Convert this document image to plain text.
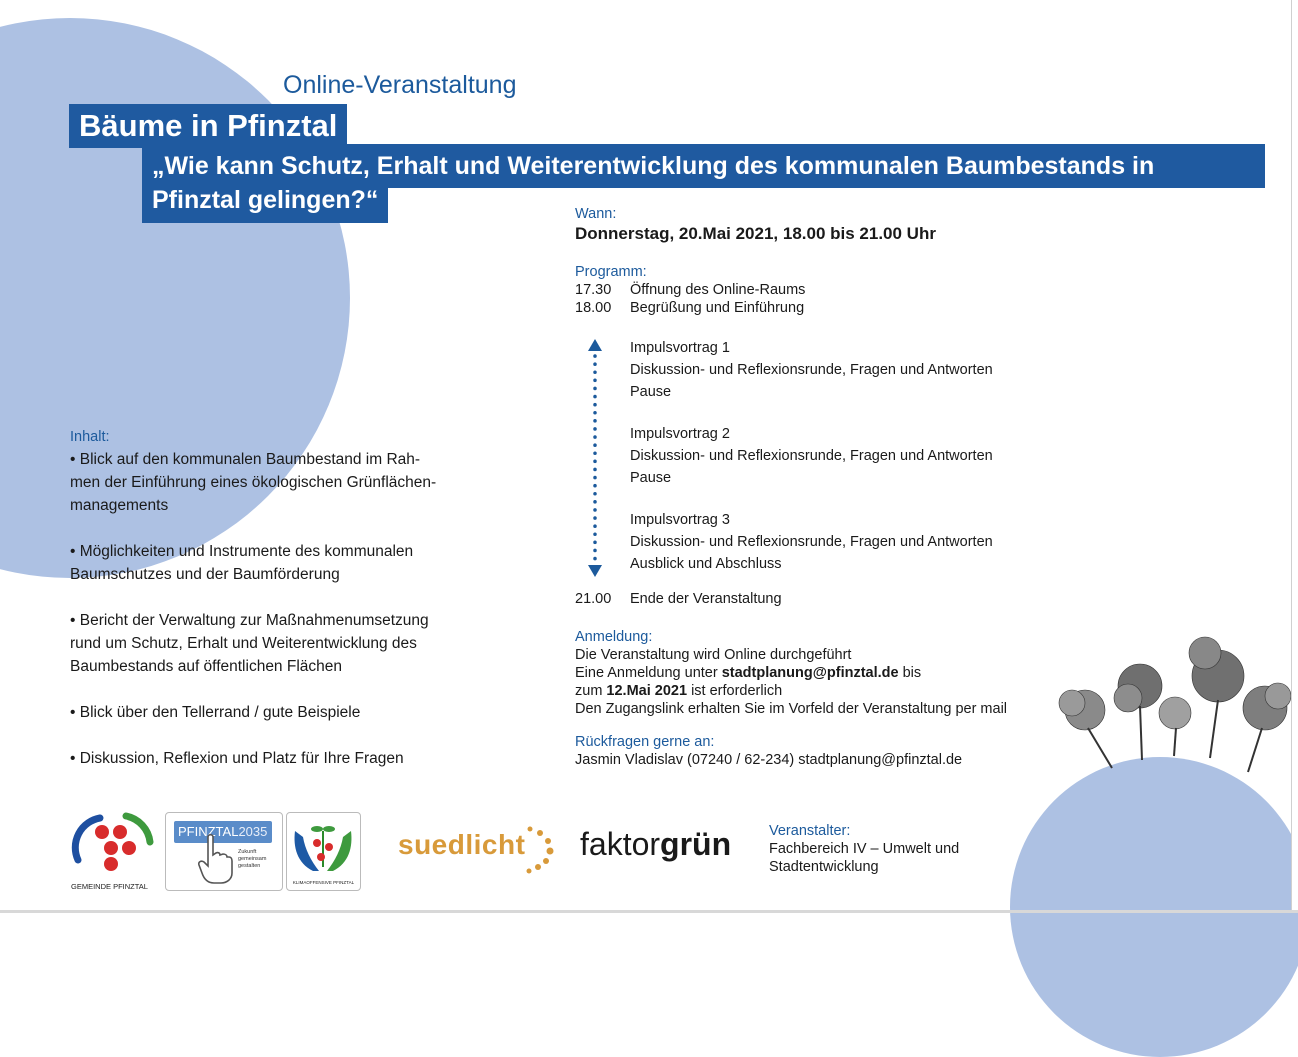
Online-Veranstaltung
Bäume in Pfinztal
„Wie kann Schutz, Erhalt und Weiterentwicklung des kommunalen Baumbestands in
Pfinztal gelingen?“	Wann:
Donnerstag, 20.Mai 2021, 18.00 bis 21.00 Uhr
Programm:
17.30 Öffnung des Online-Raums
18.00 Begrüßung und Einführung
Impulsvortrag 1
Diskussion- und Reflexionsrunde, Fragen und Antworten
Pause
Impulsvortrag 2
Diskussion- und Reflexionsrunde, Fragen und Antworten
Pause
Impulsvortrag 3
Diskussion- und Reflexionsrunde, Fragen und Antworten
Ausblick und Abschluss
21.00 Ende der Veranstaltung
Anmeldung:
Die Veranstaltung wird Online durchgeführt
Eine Anmeldung unter stadtplanung@pfinztal.de bis
zum 12.Mai 2021 ist erforderlich
Den Zugangslink erhalten Sie im Vorfeld der Veranstaltung per mail
Rückfragen gerne an:
Jasmin Vladislav (07240 / 62-234) stadtplanung@pfinztal.de
Inhalt:
• Blick auf den kommunalen Baumbestand im Rah-
men der Einführung eines ökologischen Grünflächen-
managements
• Möglichkeiten und Instrumente des kommunalen
Baumschutzes und der Baumförderung
• Bericht der Verwaltung zur Maßnahmenumsetzung
rund um Schutz, Erhalt und Weiterentwicklung des
Baumbestands auf öffentlichen Flächen
• Blick über den Tellerrand / gute Beispiele
• Diskussion, Reflexion und Platz für Ihre Fragen
GEMEINDE PFINZTAL
PFINZTAL2035
Zukunft
gemeinsam
gestalten
KLIMAOFFENSIVE PFINZTAL
suedlicht faktorgrün	Veranstalter:
Fachbereich IV – Umwelt und
Stadtentwicklung
